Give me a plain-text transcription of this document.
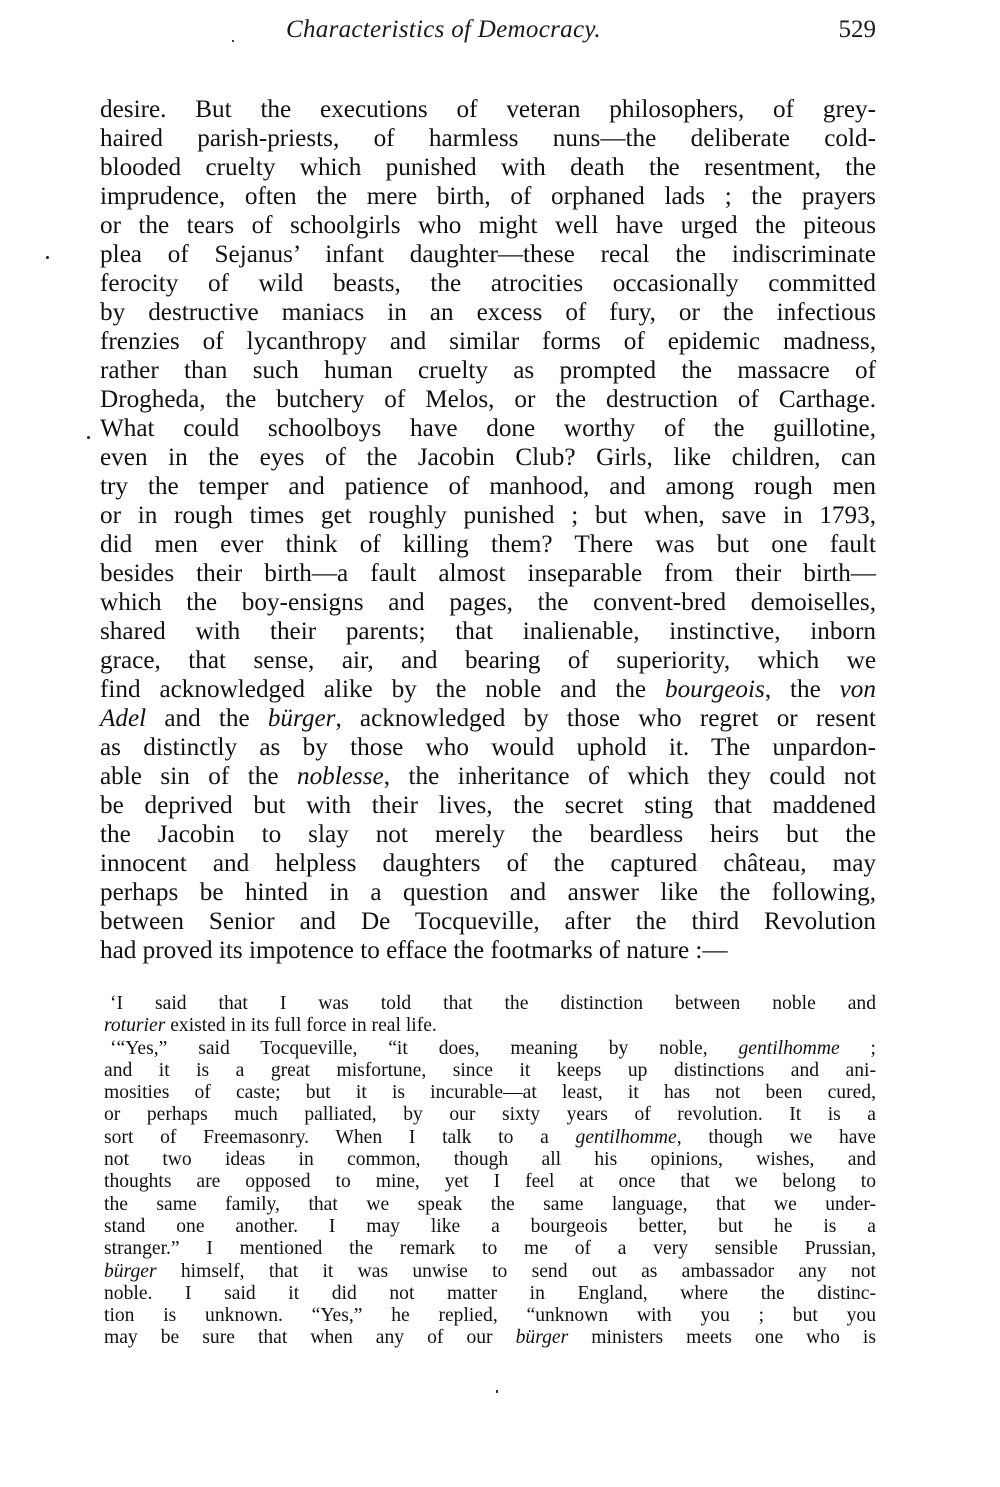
Characteristics of Democracy.	529
desire. But the executions of veteran philosophers, of grey-
haired parish-priests, of harmless nuns—the deliberate cold-
blooded cruelty which punished with death the resentment, the
imprudence, often the mere birth, of orphaned lads ; the prayers
or the tears of schoolgirls who might well have urged the piteous
plea of Sejanus’ infant daughter—these recal the indiscriminate
ferocity of wild beasts, the atrocities occasionally committed
by destructive maniacs in an excess of fury, or the infectious
frenzies of lycanthropy and similar forms of epidemic madness,
rather than such human cruelty as prompted the massacre of
Drogheda, the butchery of Melos, or the destruction of Carthage.
What could schoolboys have done worthy of the guillotine,
even in the eyes of the Jacobin Club? Girls, like children, can
try the temper and patience of manhood, and among rough men
or in rough times get roughly punished ; but when, save in 1793,
did men ever think of killing them? There was but one fault
besides their birth—a fault almost inseparable from their birth—
which the boy-ensigns and pages, the convent-bred demoiselles,
shared with their parents; that inalienable, instinctive, inborn
grace, that sense, air, and bearing of superiority, which we
find acknowledged alike by the noble and the bourgeois, the von
Adel and the bürger, acknowledged by those who regret or resent
as distinctly as by those who would uphold it. The unpardon-
able sin of the noblesse, the inheritance of which they could not
be deprived but with their lives, the secret sting that maddened
the Jacobin to slay not merely the beardless heirs but the
innocent and helpless daughters of the captured château, may
perhaps be hinted in a question and answer like the following,
between Senior and De Tocqueville, after the third Revolution
had proved its impotence to efface the footmarks of nature :—
‘I said that I was told that the distinction between noble and
roturier existed in its full force in real life.
‘“Yes,” said Tocqueville, “it does, meaning by noble, gentilhomme ;
and it is a great misfortune, since it keeps up distinctions and ani-
mosities of caste; but it is incurable—at least, it has not been cured,
or perhaps much palliated, by our sixty years of revolution. It is a
sort of Freemasonry. When I talk to a gentilhomme, though we have
not two ideas in common, though all his opinions, wishes, and
thoughts are opposed to mine, yet I feel at once that we belong to
the same family, that we speak the same language, that we under-
stand one another. I may like a bourgeois better, but he is a
stranger.” I mentioned the remark to me of a very sensible Prussian,
bürger himself, that it was unwise to send out as ambassador any not
noble. I said it did not matter in England, where the distinc-
tion is unknown. “Yes,” he replied, “unknown with you ; but you
may be sure that when any of our bürger ministers meets one who is
